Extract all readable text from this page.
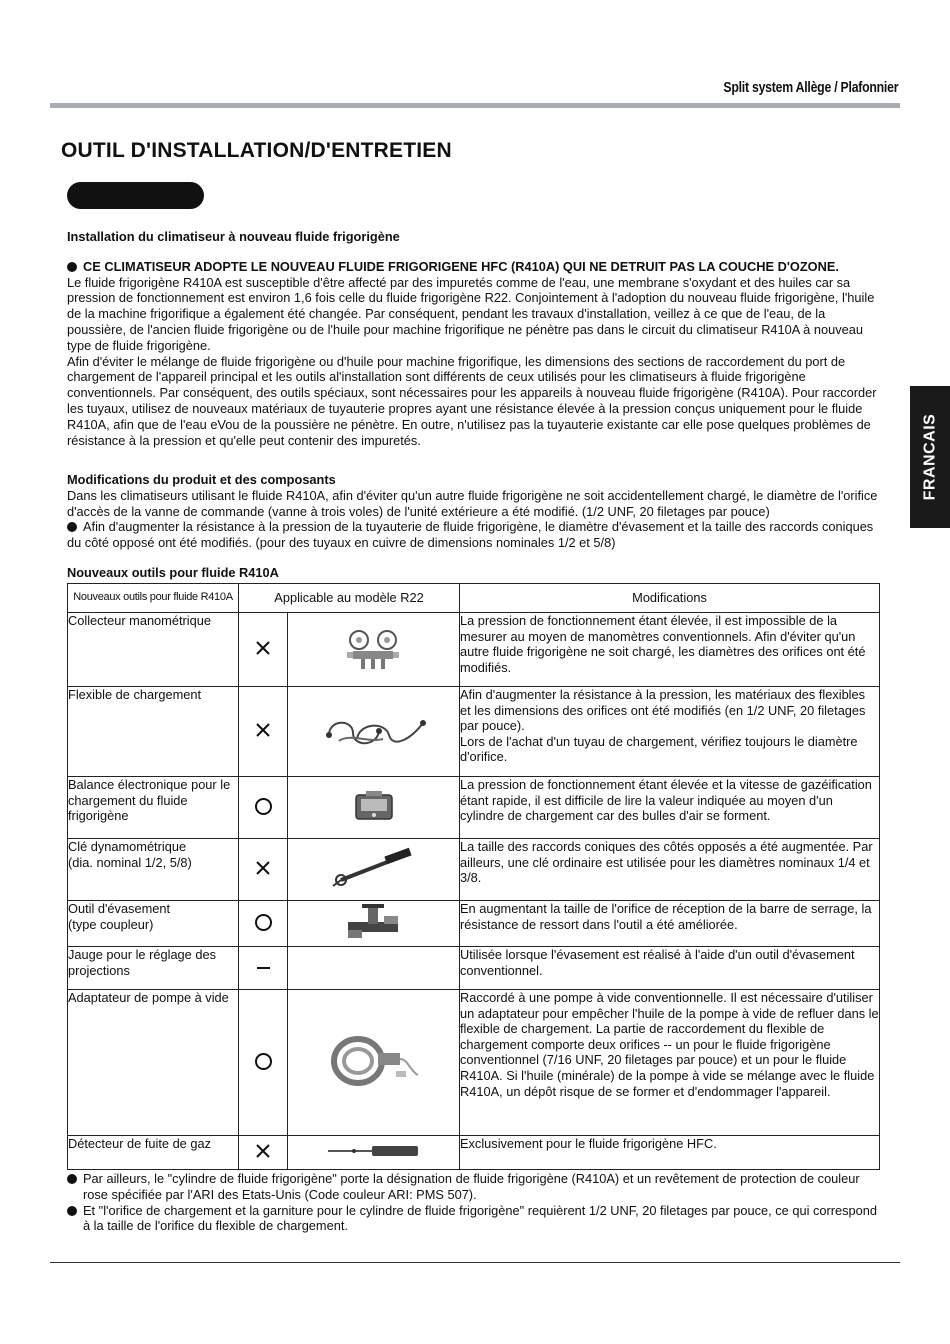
Split system Allège / Plafonnier
FRANCAIS
OUTIL D'INSTALLATION/D'ENTRETIEN

Installation du climatiseur à nouveau fluide frigorigène

CE CLIMATISEUR ADOPTE LE NOUVEAU FLUIDE FRIGORIGENE HFC (R410A) QUI NE DETRUIT PAS LA COUCHE D'OZONE.

Le fluide frigorigène R410A est susceptible d'être affecté par des impuretés comme de l'eau, une membrane s'oxydant et des huiles car sa pression de fonctionnement est environ 1,6 fois celle du fluide frigorigène R22. Conjointement à l'adoption du nouveau fluide frigorigène, l'huile de la machine frigorifique a également été changée. Par conséquent, pendant les travaux d'installation, veillez à ce que de l'eau, de la poussière, de l'ancien fluide frigorigène ou de l'huile pour machine frigorifique ne pénètre pas dans le circuit du climatiseur R410A à nouveau type de fluide frigorigène.

Afin d'éviter le mélange de fluide frigorigène ou d'huile pour machine frigorifique, les dimensions des sections de raccordement du port de chargement de l'appareil principal et les outils al'installation sont différents de ceux utilisés pour les climatiseurs à fluide frigorigène conventionnels. Par conséquent, des outils spéciaux, sont nécessaires pour les appareils à nouveau fluide frigorigène (R410A). Pour raccorder les tuyaux, utilisez de nouveaux matériaux de tuyauterie propres ayant une résistance élevée à la pression conçus uniquement pour le fluide R410A, afin que de l'eau eVou de la poussière ne pénètre. En outre, n'utilisez pas la tuyauterie existante car elle pose quelques problèmes de résistance à la pression et qu'elle peut contenir des impuretés.

Modifications du produit et des composants

Dans les climatiseurs utilisant le fluide R410A, afin d'éviter qu'un autre fluide frigorigène ne soit accidentellement chargé, le diamètre de l'orifice d'accès de la vanne de commande (vanne à trois voles) de l'unité extérieure a été modifié. (1/2 UNF, 20 filetages par pouce)

Afin d'augmenter la résistance à la pression de la tuyauterie de fluide frigorigène, le diamètre d'évasement et la taille des raccords coniques du côté opposé ont été modifiés. (pour des tuyaux en cuivre de dimensions nominales 1/2 et 5/8)

Nouveaux outils pour fluide R410A
Nouveaux outils pour fluide R410A	Applicable au modèle R22		Modifications
Collecteur manométrique			La pression de fonctionnement étant élevée, il est impossible de la mesurer au moyen de manomètres conventionnels. Afin d'éviter qu'un autre fluide frigorigène ne soit chargé, les diamètres des orifices ont été modifiés.
Flexible de chargement			Afin d'augmenter la résistance à la pression, les matériaux des flexibles et les dimensions des orifices ont été modifiés (en 1/2 UNF, 20 filetages par pouce).
Lors de l'achat d'un tuyau de chargement, vérifiez toujours le diamètre d'orifice.
Balance électronique pour le chargement du fluide frigorigène			La pression de fonctionnement étant élevée et la vitesse de gazéification étant rapide, il est difficile de lire la valeur indiquée au moyen d'un cylindre de chargement car des bulles d'air se forment.
Clé dynamométrique
(dia. nominal 1/2, 5/8)			La taille des raccords coniques des côtés opposés a été augmentée. Par ailleurs, une clé ordinaire est utilisée pour les diamètres nominaux 1/4 et 3/8.
Outil d'évasement
(type coupleur)			En augmentant la taille de l'orifice de réception de la barre de serrage, la résistance de ressort dans l'outil a été améliorée.
Jauge pour le réglage des projections			Utilisée lorsque l'évasement est réalisé à l'aide d'un outil d'évasement conventionnel.
Adaptateur de pompe à vide			Raccordé à une pompe à vide conventionnelle. Il est nécessaire d'utiliser un adaptateur pour empêcher l'huile de la pompe à vide de refluer dans le flexible de chargement. La partie de raccordement du flexible de chargement comporte deux orifices -- un pour le fluide frigorigène conventionnel (7/16 UNF, 20 filetages par pouce) et un pour le fluide R410A. Si l'huile (minérale) de la pompe à vide se mélange avec le fluide R410A, un dépôt risque de se former et d'endommager l'appareil.
Détecteur de fuite de gaz			Exclusivement pour le fluide frigorigène HFC.

Par ailleurs, le "cylindre de fluide frigorigène" porte la désignation de fluide frigorigène (R410A) et un revêtement de protection de couleur rose spécifiée par l'ARI des Etats-Unis (Code couleur ARI: PMS 507).

Et "l'orifice de chargement et la garniture pour le cylindre de fluide frigorigène" requièrent 1/2 UNF, 20 filetages par pouce, ce qui correspond à la taille de l'orifice du flexible de chargement.
